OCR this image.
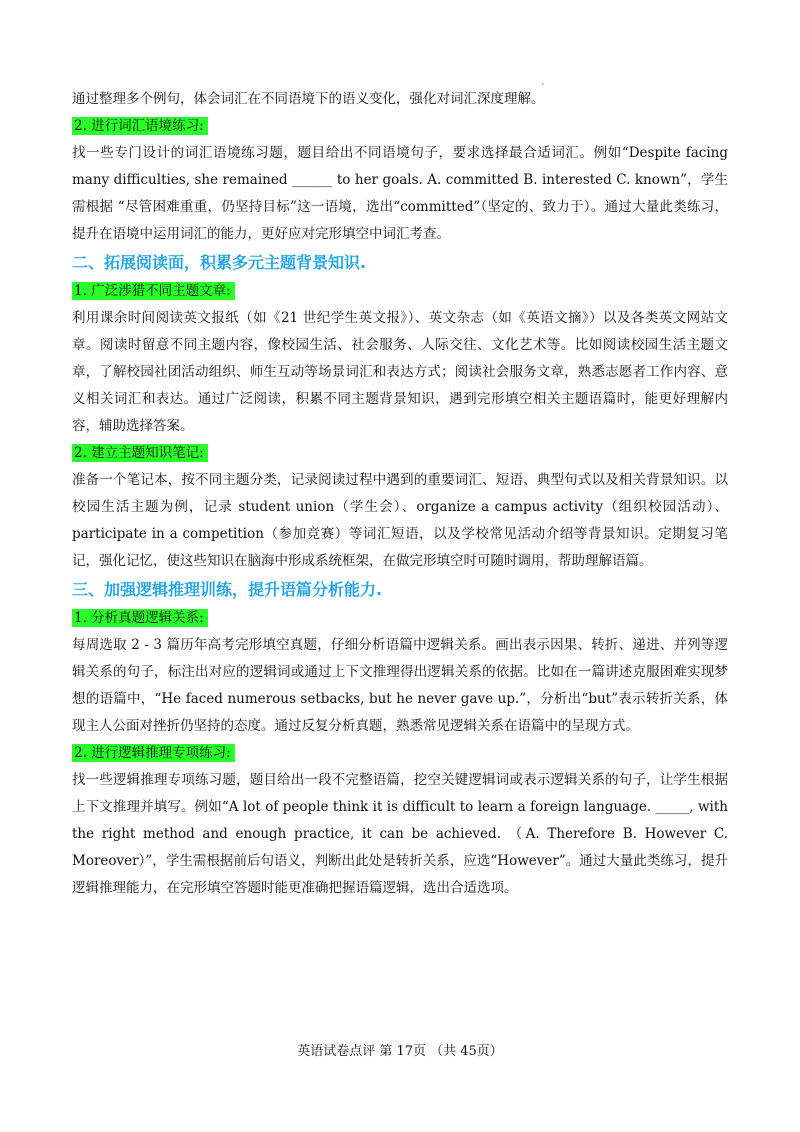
`

通过整理多个例句，体会词汇在不同语境下的语义变化，强化对词汇深度理解。

2. 进行词汇语境练习:

找一些专门设计的词汇语境练习题，题目给出不同语境句子，要求选择最合适词汇。例如“Despite facing many difficulties, she remained ______ to her goals. A. committed B. interested C. known”，学生需根据 “尽管困难重重，仍坚持目标”这一语境，选出“committed”（坚定的、致力于）。通过大量此类练习，提升在语境中运用词汇的能力，更好应对完形填空中词汇考查。

二、拓展阅读面，积累多元主题背景知识.
1. 广泛涉猎不同主题文章:

利用课余时间阅读英文报纸（如《21 世纪学生英文报》）、英文杂志（如《英语文摘》）以及各类英文网站文章。阅读时留意不同主题内容，像校园生活、社会服务、人际交往、文化艺术等。比如阅读校园生活主题文章，了解校园社团活动组织、师生互动等场景词汇和表达方式；阅读社会服务文章，熟悉志愿者工作内容、意义相关词汇和表达。通过广泛阅读，积累不同主题背景知识，遇到完形填空相关主题语篇时，能更好理解内容，辅助选择答案。

2. 建立主题知识笔记:

准备一个笔记本，按不同主题分类，记录阅读过程中遇到的重要词汇、短语、典型句式以及相关背景知识。以校园生活主题为例，记录 student union（学生会）、organize a campus activity（组织校园活动）、participate in a competition（参加竞赛）等词汇短语，以及学校常见活动介绍等背景知识。定期复习笔记，强化记忆，使这些知识在脑海中形成系统框架，在做完形填空时可随时调用，帮助理解语篇。

三、加强逻辑推理训练，提升语篇分析能力.
1. 分析真题逻辑关系:

每周选取 2 - 3 篇历年高考完形填空真题，仔细分析语篇中逻辑关系。画出表示因果、转折、递进、并列等逻辑关系的句子，标注出对应的逻辑词或通过上下文推理得出逻辑关系的依据。比如在一篇讲述克服困难实现梦想的语篇中，“He faced numerous setbacks, but he never gave up.”，分析出“but”表示转折关系，体现主人公面对挫折仍坚持的态度。通过反复分析真题，熟悉常见逻辑关系在语篇中的呈现方式。

2. 进行逻辑推理专项练习:

找一些逻辑推理专项练习题，题目给出一段不完整语篇，挖空关键逻辑词或表示逻辑关系的句子，让学生根据上下文推理并填写。例如“A lot of people think it is difficult to learn a foreign language. _____, with the right method and enough practice, it can be achieved. （A. Therefore B. However C. Moreover）”，学生需根据前后句语义，判断出此处是转折关系，应选“However”。通过大量此类练习，提升逻辑推理能力，在完形填空答题时能更准确把握语篇逻辑，选出合适选项。

英语试卷点评 第 17页 （共 45页）
